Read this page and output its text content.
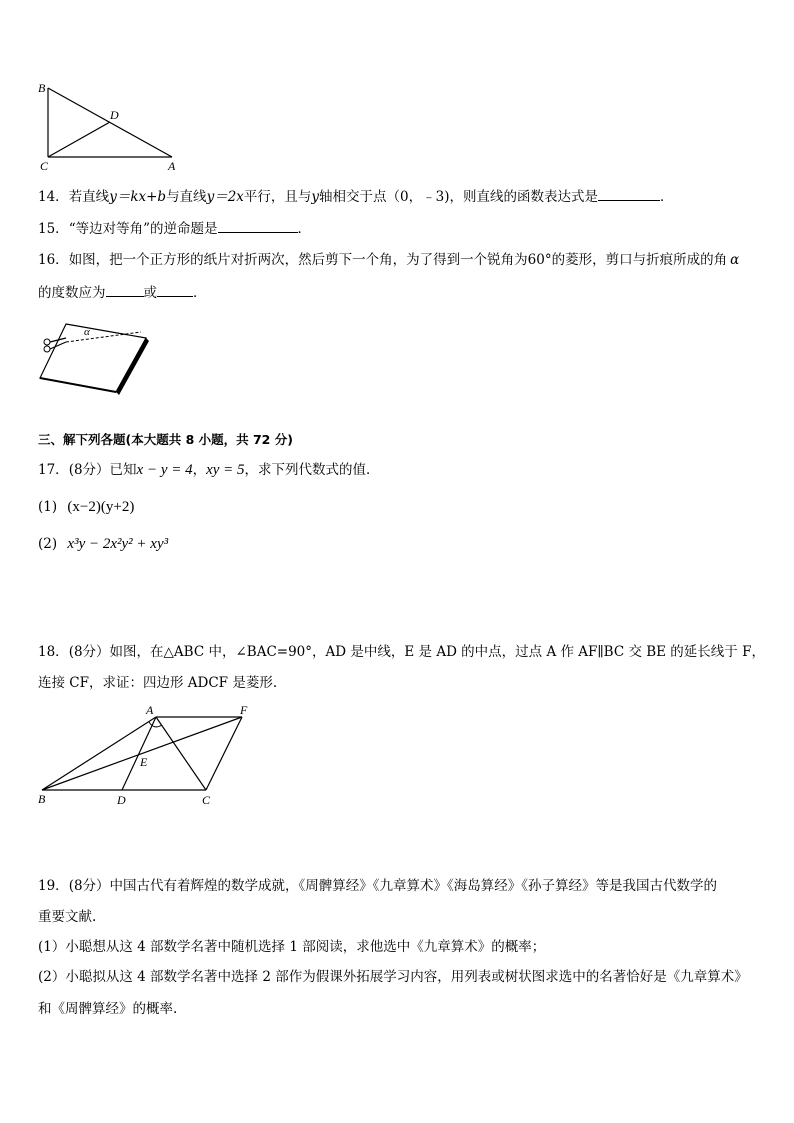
B
D
C	A
14．若直线y＝kx+b与直线y＝2x平行，且与y轴相交于点（0，﹣3)，则直线的函数表达式是	．
15．“等边对等角”的逆命题是	．
16．如图，把一个正方形的纸片对折两次，然后剪下一个角，为了得到一个锐角为60°的菱形，剪口与折痕所成的角 α
的度数应为	或	．
α
三、解下列各题(本大题共 8 小题，共 72 分)
17．(8分）已知x − y = 4，xy = 5，求下列代数式的值．
(1) (x−2)(y+2)
(2) x³y − 2x²y² + xy³
18．(8分）如图，在△ABC 中，∠BAC=90°，AD 是中线，E 是 AD 的中点，过点 A 作 AF∥BC 交 BE 的延长线于 F，
连接 CF，求证：四边形 ADCF 是菱形.
A	F
E
B	D	C
19．(8分）中国古代有着辉煌的数学成就，《周髀算经》《九章算术》《海岛算经》《孙子算经》等是我国古代数学的
重要文献.
(1）小聪想从这 4 部数学名著中随机选择 1 部阅读，求他选中《九章算术》的概率；
(2）小聪拟从这 4 部数学名著中选择 2 部作为假课外拓展学习内容，用列表或树状图求选中的名著恰好是《九章算术》
和《周髀算经》的概率.
